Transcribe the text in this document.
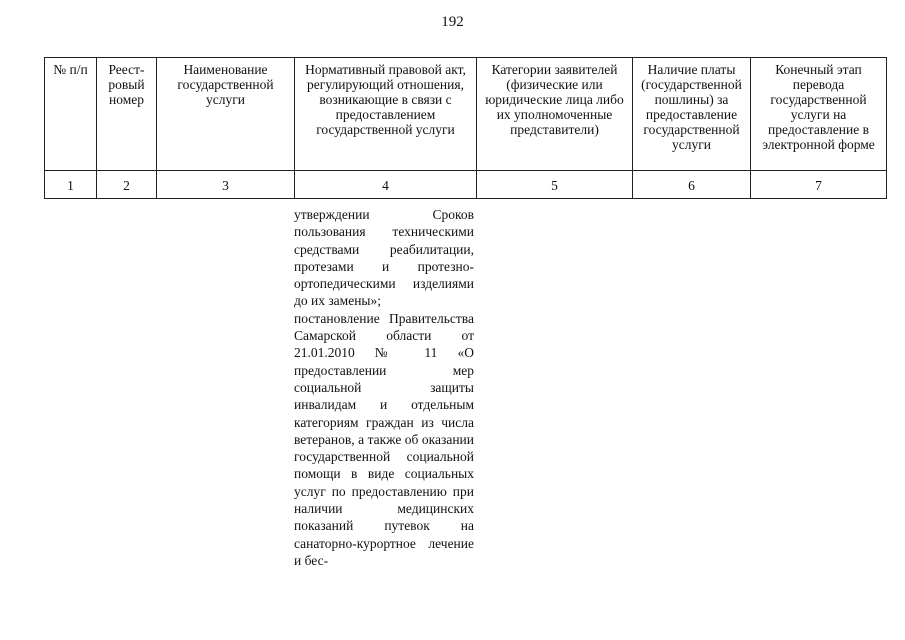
192
№ п/п	Реест-ровый номер	Наименование государственной услуги	Нормативный правовой акт, регулирующий отношения, возникающие в связи с предоставлением государственной услуги	Категории заявителей (физические или юридические лица либо их уполномоченные представители)	Наличие платы (государственной пошлины) за предоставление государственной услуги	Конечный этап перевода государственной услуги на предоставление в электронной форме
1	2	3	4	5	6	7

утверждении Сроков пользования техническими средствами реабилитации, протезами и протезно-ортопедическими изделиями до их замены»;

постановление Правительства Самарской области от 21.01.2010 № 11 «О предоставлении мер социальной защиты инвалидам и отдельным категориям граждан из числа ветеранов, а также об оказании государственной социальной помощи в виде социальных услуг по предоставлению при наличии медицинских показаний путевок на санаторно-курортное лечение и бес-
